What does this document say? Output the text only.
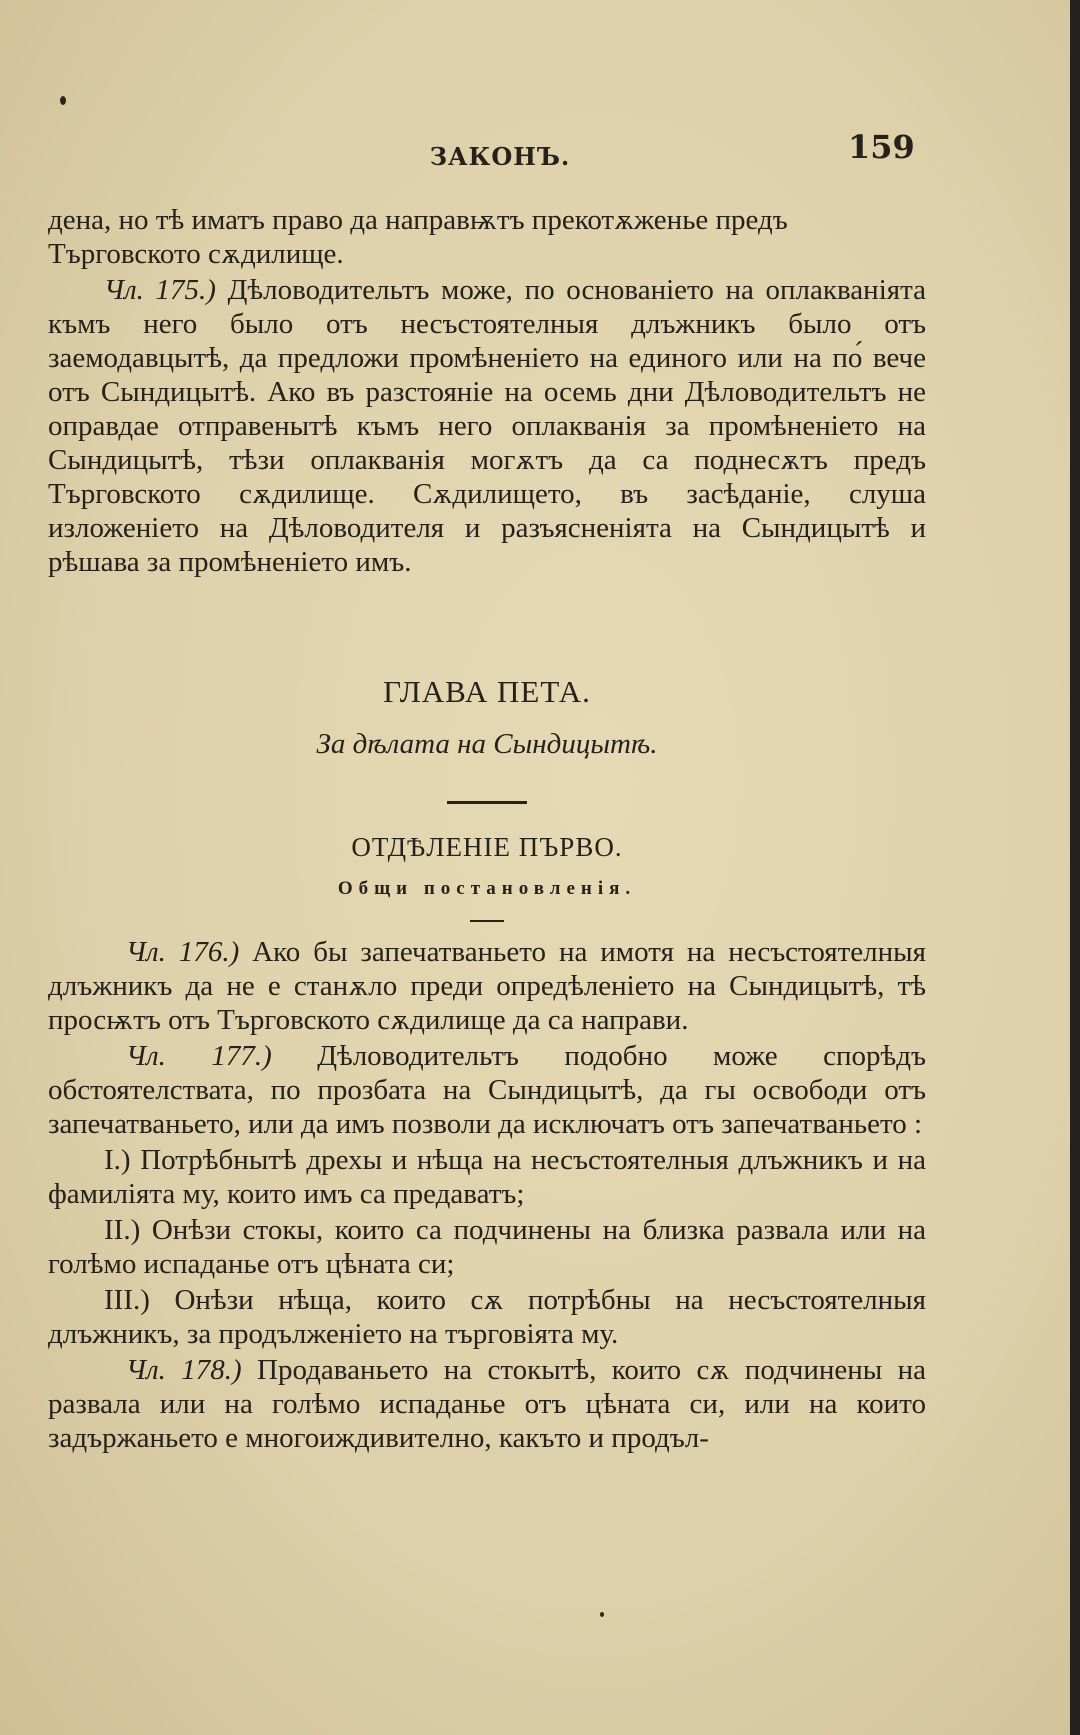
ЗАКОНЪ.	159

дена, но тѣ иматъ право да направѭтъ прекотѫженье предъ

Търговското сѫдилище.

Чл. 175.) Дѣловодительтъ може, по основанiето на оплакванiята къмъ него было отъ несъстоятелныя длъжникъ было отъ заемодавцытѣ, да предложи промѣненiето на единого или на по́ вече отъ Сындицытѣ. Ако въ разстоянiе на осемь дни Дѣловодительтъ не оправдае отправенытѣ къмъ него оплакванiя за промѣненiето на Сындицытѣ, тѣзи оплакванiя могѫтъ да са поднесѫтъ предъ Търговското сѫдилище. Сѫдилището, въ засѣданiе, слуша изложенiето на Дѣловодителя и разъясненiята на Сындицытѣ и рѣшава за промѣненiето имъ.

ГЛАВА ПЕТА.

За дѣлата на Сындицытѣ.

ОТДѢЛЕНIЕ ПЪРВО.

Общи постановленiя.

Чл. 176.) Ако бы запечатваньето на имотя на несъстоятелныя длъжникъ да не е станѫло преди опредѣленiето на Сындицытѣ, тѣ просѭтъ отъ Търговското сѫдилище да са направи.

Чл. 177.) Дѣловодительтъ подобно може спорѣдъ обстоятелствата, по прозбата на Сындицытѣ, да гы освободи отъ запечатваньето, или да имъ позволи да исключатъ отъ запечатваньето :

I.) Потрѣбнытѣ дрехы и нѣща на несъстоятелныя длъжникъ и на фамилiята му, които имъ са предаватъ;

II.) Онѣзи стокы, които са подчинены на близка развала или на голѣмо испаданье отъ цѣната си;

III.) Онѣзи нѣща, които сѫ потрѣбны на несъстоятелныя длъжникъ, за продълженiето на търговiята му.

Чл. 178.) Продаваньето на стокытѣ, които сѫ подчинены на развала или на голѣмо испаданье отъ цѣната си, или на които задържаньето е многоиждивително, какъто и продъл-
